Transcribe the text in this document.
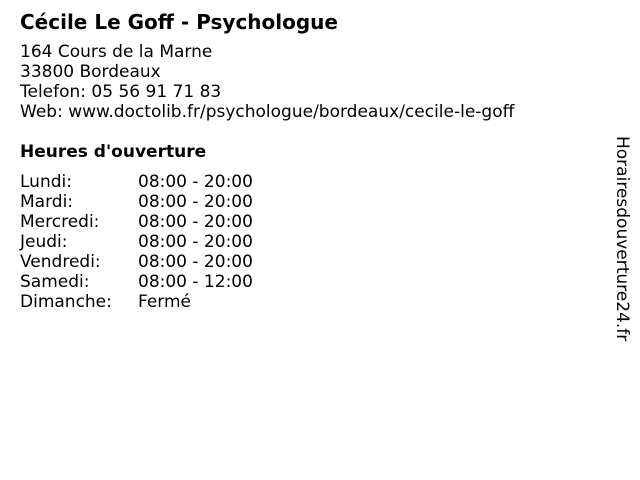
Cécile Le Goff - Psychologue
164 Cours de la Marne
33800 Bordeaux
Telefon: 05 56 91 71 83
Web: www.doctolib.fr/psychologue/bordeaux/cecile-le-goff
Heures d'ouverture
Lundi:	08:00 - 20:00
Mardi:	08:00 - 20:00
Mercredi:	08:00 - 20:00
Jeudi:	08:00 - 20:00
Vendredi:	08:00 - 20:00
Samedi:	08:00 - 12:00
Dimanche:	Fermé	Horairesdouverture24.fr
